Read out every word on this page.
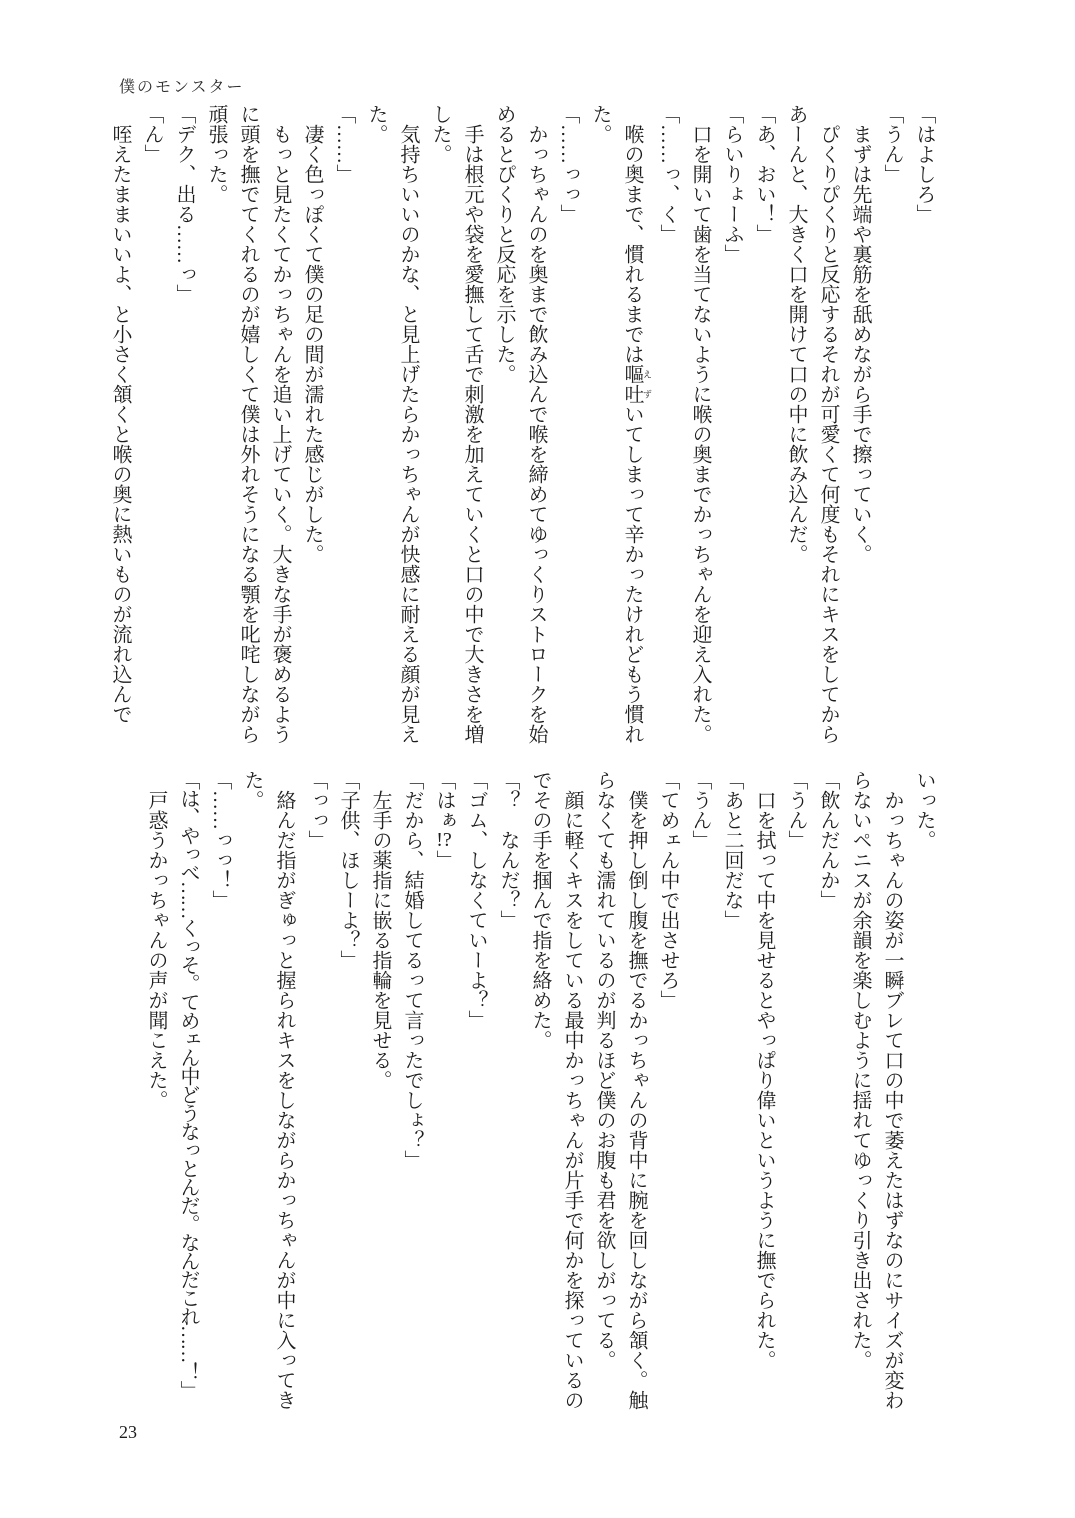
僕のモンスター

「はよしろ」

「うん」

まずは先端や裏筋を舐めながら手で擦っていく。

ぴくりぴくりと反応するそれが可愛くて何度もそれにキスをしてからあーんと、大きく口を開けて口の中に飲み込んだ。

「あ、おい！」

「らいりょーふ」

口を開いて歯を当てないように喉の奥までかっちゃんを迎え入れた。

「……っ、く」

喉の奥まで、慣れるまでは嘔 え吐 ずいてしまって辛かったけれどもう慣れた。

「……っっ」

かっちゃんのを奥まで飲み込んで喉を締めてゆっくりストロークを始めるとぴくりと反応を示した。

手は根元や袋を愛撫して舌で刺激を加えていくと口の中で大きさを増した。

気持ちいいのかな、と見上げたらかっちゃんが快感に耐える顔が見えた。

「……」

凄く色っぽくて僕の足の間が濡れた感じがした。

もっと見たくてかっちゃんを追い上げていく。大きな手が褒めるように頭を撫でてくれるのが嬉しくて僕は外れそうになる顎を叱咤しながら頑張った。

「デク、出る……っ」

「ん」

咥えたままいいよ、と小さく頷くと喉の奥に熱いものが流れ込んで

いった。

かっちゃんの姿が一瞬ブレて口の中で萎えたはずなのにサイズが変わらないペニスが余韻を楽しむように揺れてゆっくり引き出された。

「飲んだんか」

「うん」

口を拭って中を見せるとやっぱり偉いというように撫でられた。

「あと二回だな」

「うん」

「てめェん中で出させろ」

僕を押し倒し腹を撫でるかっちゃんの背中に腕を回しながら頷く。触らなくても濡れているのが判るほど僕のお腹も君を欲しがってる。

顔に軽くキスをしている最中かっちゃんが片手で何かを探っているのでその手を掴んで指を絡めた。

「？　なんだ？」

「ゴム、しなくていーよ？」

「はぁ!?」

「だから、結婚してるって言ったでしょ？」

左手の薬指に嵌る指輪を見せる。

「子供、ほしーよ？」

「っっ」

絡んだ指がぎゅっと握られキスをしながらかっちゃんが中に入ってきた。

「……っっ！」

「は、やっべ……くっそ。てめェん中どうなっとんだ。なんだこれ……！」

戸惑うかっちゃんの声が聞こえた。

23
